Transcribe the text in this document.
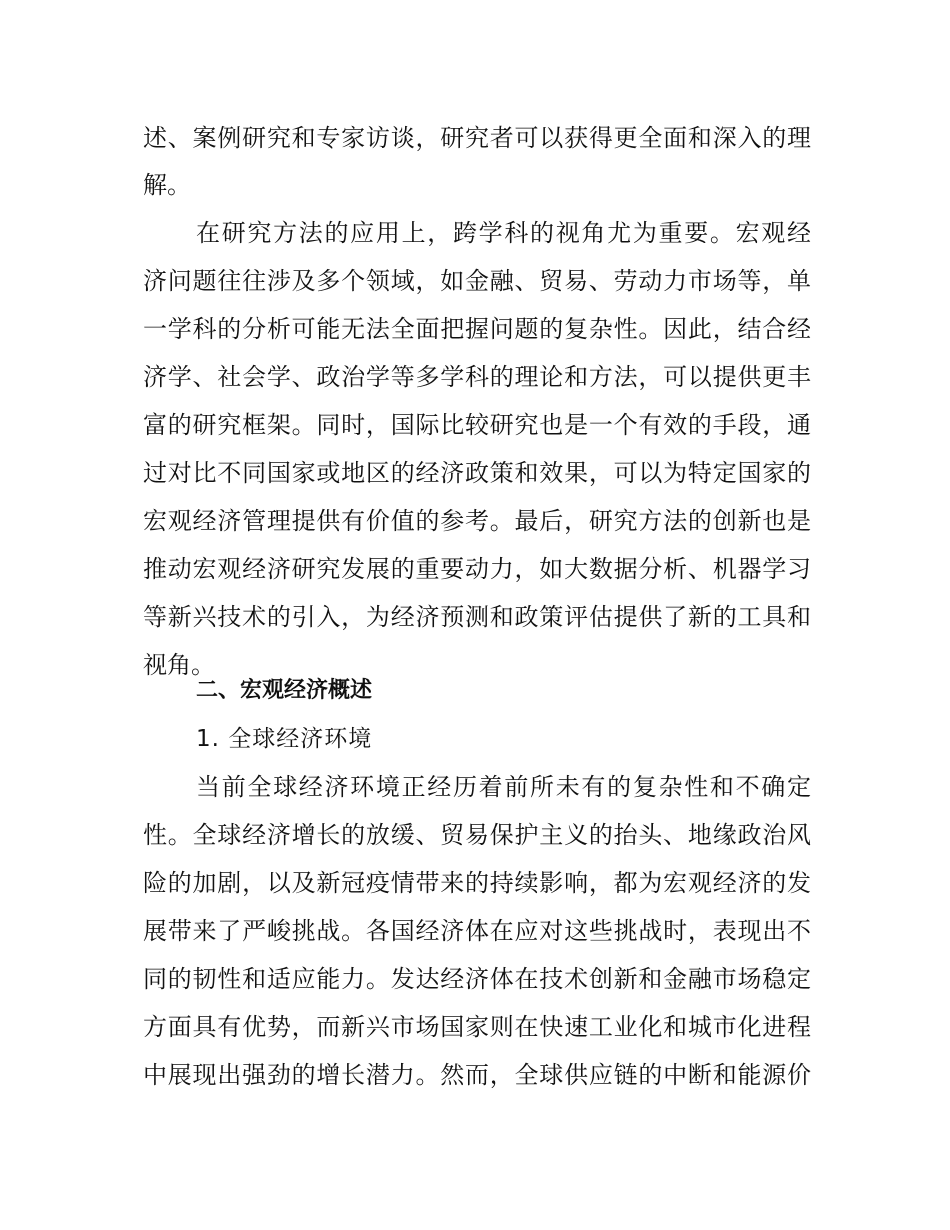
述、案例研究和专家访谈，研究者可以获得更全面和深入的理
解。
在研究方法的应用上，跨学科的视角尤为重要。宏观经
济问题往往涉及多个领域，如金融、贸易、劳动力市场等，单
一学科的分析可能无法全面把握问题的复杂性。因此，结合经
济学、社会学、政治学等多学科的理论和方法，可以提供更丰
富的研究框架。同时，国际比较研究也是一个有效的手段，通
过对比不同国家或地区的经济政策和效果，可以为特定国家的
宏观经济管理提供有价值的参考。最后，研究方法的创新也是
推动宏观经济研究发展的重要动力，如大数据分析、机器学习
等新兴技术的引入，为经济预测和政策评估提供了新的工具和
视角。
二、宏观经济概述
1. 全球经济环境
当前全球经济环境正经历着前所未有的复杂性和不确定
性。全球经济增长的放缓、贸易保护主义的抬头、地缘政治风
险的加剧，以及新冠疫情带来的持续影响，都为宏观经济的发
展带来了严峻挑战。各国经济体在应对这些挑战时，表现出不
同的韧性和适应能力。发达经济体在技术创新和金融市场稳定
方面具有优势，而新兴市场国家则在快速工业化和城市化进程
中展现出强劲的增长潜力。然而，全球供应链的中断和能源价
